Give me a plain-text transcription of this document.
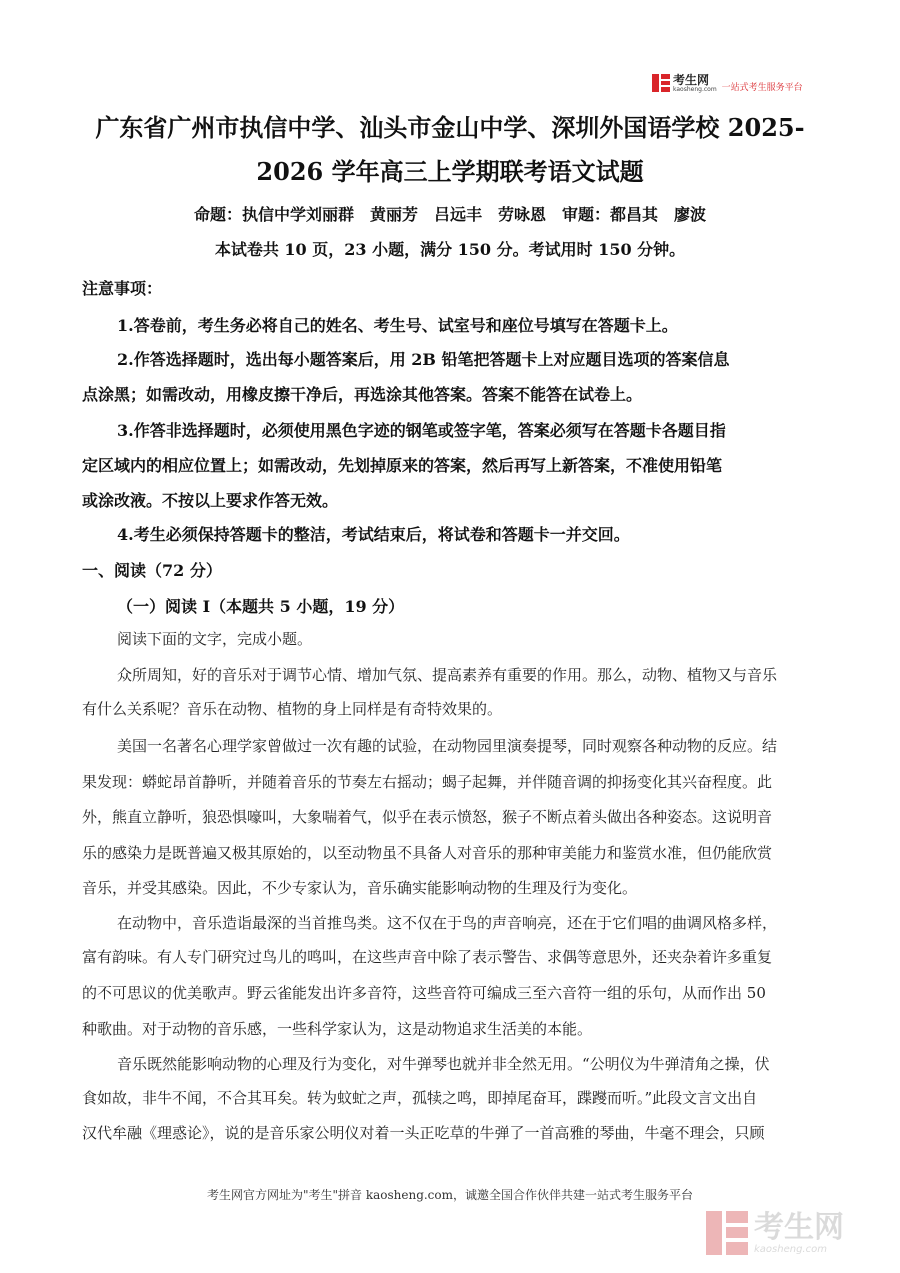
考生网
kaosheng.com 一站式考生服务平台
广东省广州市执信中学、汕头市金山中学、深圳外国语学校 2025-
2026 学年高三上学期联考语文试题
命题：执信中学刘丽群　黄丽芳　吕远丰　劳咏恩　审题：都昌其　廖波
本试卷共 10 页，23 小题，满分 150 分。考试用时 150 分钟。
注意事项：
1.答卷前，考生务必将自己的姓名、考生号、试室号和座位号填写在答题卡上。
2.作答选择题时，选出每小题答案后，用 2B 铅笔把答题卡上对应题目选项的答案信息
点涂黑；如需改动，用橡皮擦干净后，再选涂其他答案。答案不能答在试卷上。
3.作答非选择题时，必须使用黑色字迹的钢笔或签字笔，答案必须写在答题卡各题目指
定区域内的相应位置上；如需改动，先划掉原来的答案，然后再写上新答案，不准使用铅笔
或涂改液。不按以上要求作答无效。
4.考生必须保持答题卡的整洁，考试结束后，将试卷和答题卡一并交回。
一、阅读（72 分）
（一）阅读 I（本题共 5 小题，19 分）
阅读下面的文字，完成小题。
众所周知，好的音乐对于调节心情、增加气氛、提高素养有重要的作用。那么，动物、植物又与音乐
有什么关系呢？音乐在动物、植物的身上同样是有奇特效果的。
美国一名著名心理学家曾做过一次有趣的试验，在动物园里演奏提琴，同时观察各种动物的反应。结
果发现：蟒蛇昂首静听，并随着音乐的节奏左右摇动；蝎子起舞，并伴随音调的抑扬变化其兴奋程度。此
外，熊直立静听，狼恐惧嚎叫，大象喘着气，似乎在表示愤怒，猴子不断点着头做出各种姿态。这说明音
乐的感染力是既普遍又极其原始的，以至动物虽不具备人对音乐的那种审美能力和鉴赏水准，但仍能欣赏
音乐，并受其感染。因此，不少专家认为，音乐确实能影响动物的生理及行为变化。
在动物中，音乐造诣最深的当首推鸟类。这不仅在于鸟的声音响亮，还在于它们唱的曲调风格多样，
富有韵味。有人专门研究过鸟儿的鸣叫，在这些声音中除了表示警告、求偶等意思外，还夹杂着许多重复
的不可思议的优美歌声。野云雀能发出许多音符，这些音符可编成三至六音符一组的乐句，从而作出 50
种歌曲。对于动物的音乐感，一些科学家认为，这是动物追求生活美的本能。
音乐既然能影响动物的心理及行为变化，对牛弹琴也就并非全然无用。“公明仪为牛弹清角之操，伏
食如故，非牛不闻，不合其耳矣。转为蚊虻之声，孤犊之鸣，即掉尾奋耳，蹀躞而听。”此段文言文出自
汉代牟融《理惑论》，说的是音乐家公明仪对着一头正吃草的牛弹了一首高雅的琴曲，牛毫不理会，只顾
考生网官方网址为"考生"拼音 kaosheng.com，诚邀全国合作伙伴共建一站式考生服务平台
考生网
kaosheng.com
